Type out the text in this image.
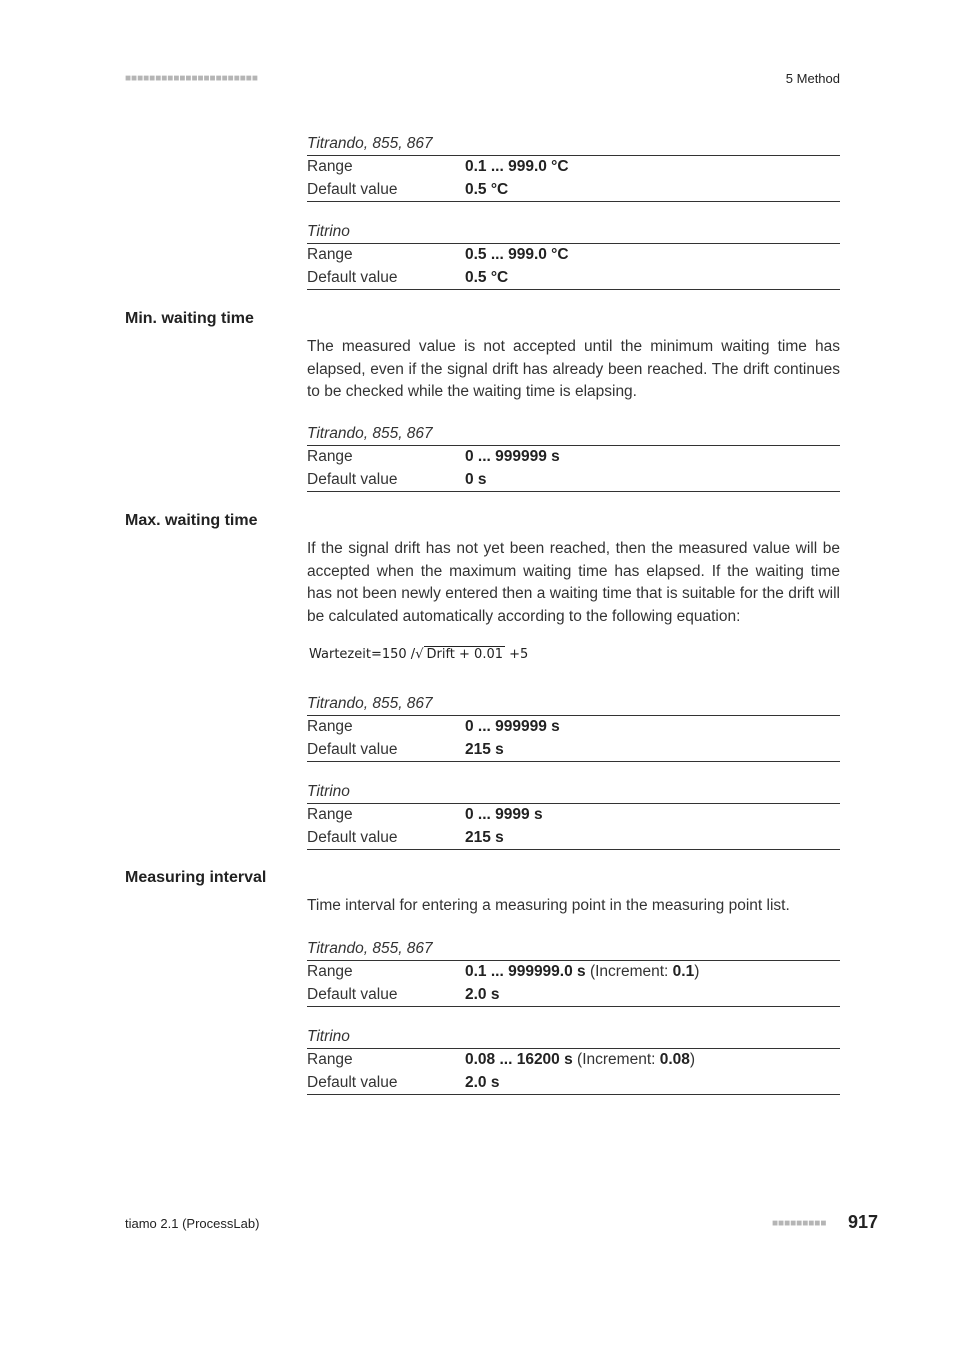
■■■■■■■■■■■■■■■■■■■■■■	5 Method
Titrando, 855, 867
Range	0.1 ... 999.0 °C
Default value	0.5 °C
Titrino
Range	0.5 ... 999.0 °C
Default value	0.5 °C
Min. waiting time
The measured value is not accepted until the minimum waiting time has elapsed, even if the signal drift has already been reached. The drift continues to be checked while the waiting time is elapsing.
Titrando, 855, 867
Range	0 ... 999999 s
Default value	0 s
Max. waiting time
If the signal drift has not yet been reached, then the measured value will be accepted when the maximum waiting time has elapsed. If the waiting time has not been newly entered then a waiting time that is suitable for the drift will be calculated automatically according to the following equation:
Wartezeit=150 /√ Drift + 0.01 +5
Titrando, 855, 867
Range	0 ... 999999 s
Default value	215 s
Titrino
Range	0 ... 9999 s
Default value	215 s
Measuring interval
Time interval for entering a measuring point in the measuring point list.
Titrando, 855, 867
Range	0.1 ... 999999.0 s (Increment: 0.1)
Default value	2.0 s
Titrino
Range	0.08 ... 16200 s (Increment: 0.08)
Default value	2.0 s
tiamo 2.1 (ProcessLab)	■■■■■■■■■ 917
